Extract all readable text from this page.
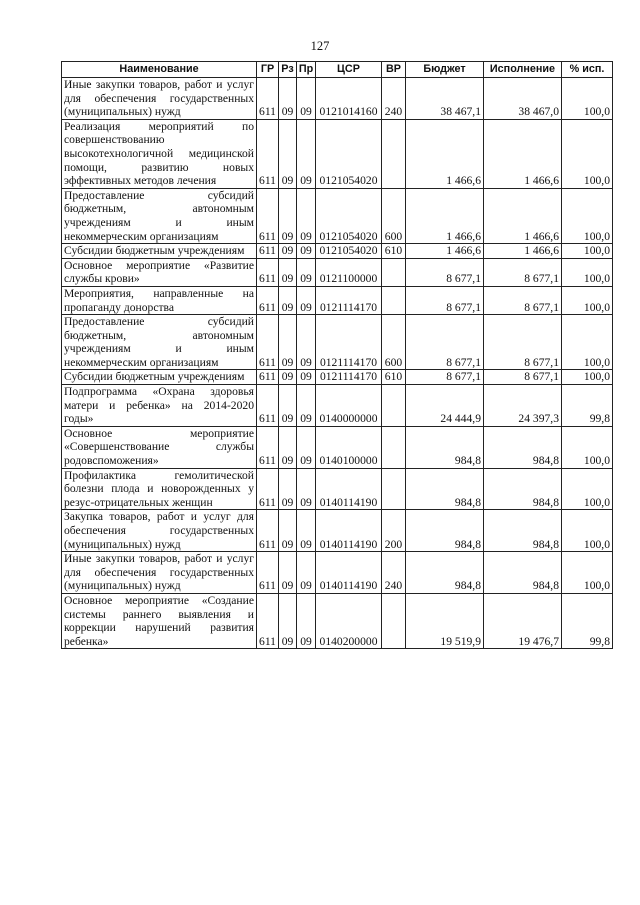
127
Наименование	ГР	Рз	Пр	ЦСР	ВР	Бюджет	Исполнение	% исп.
Иные закупки товаров, работ и услуг для обеспечения государственных (муниципальных) нужд	611	09	09	0121014160	240	38 467,1	38 467,0	100,0
Реализация мероприятий по совершенствованию высокотехнологичной медицинской помощи, развитию новых эффективных методов лечения	611	09	09	0121054020		1 466,6	1 466,6	100,0
Предоставление субсидий бюджетным, автономным учреждениям и иным некоммерческим организациям	611	09	09	0121054020	600	1 466,6	1 466,6	100,0
Субсидии бюджетным учреждениям	611	09	09	0121054020	610	1 466,6	1 466,6	100,0
Основное мероприятие «Развитие службы крови»	611	09	09	0121100000		8 677,1	8 677,1	100,0
Мероприятия, направленные на пропаганду донорства	611	09	09	0121114170		8 677,1	8 677,1	100,0
Предоставление субсидий бюджетным, автономным учреждениям и иным некоммерческим организациям	611	09	09	0121114170	600	8 677,1	8 677,1	100,0
Субсидии бюджетным учреждениям	611	09	09	0121114170	610	8 677,1	8 677,1	100,0
Подпрограмма «Охрана здоровья матери и ребенка» на 2014-2020 годы»	611	09	09	0140000000		24 444,9	24 397,3	99,8
Основное мероприятие «Совершенствование службы родовспоможения»	611	09	09	0140100000		984,8	984,8	100,0
Профилактика гемолитической болезни плода и новорожденных у резус-отрицательных женщин	611	09	09	0140114190		984,8	984,8	100,0
Закупка товаров, работ и услуг для обеспечения государственных (муниципальных) нужд	611	09	09	0140114190	200	984,8	984,8	100,0
Иные закупки товаров, работ и услуг для обеспечения государственных (муниципальных) нужд	611	09	09	0140114190	240	984,8	984,8	100,0
Основное мероприятие «Создание системы раннего выявления и коррекции нарушений развития ребенка»	611	09	09	0140200000		19 519,9	19 476,7	99,8
